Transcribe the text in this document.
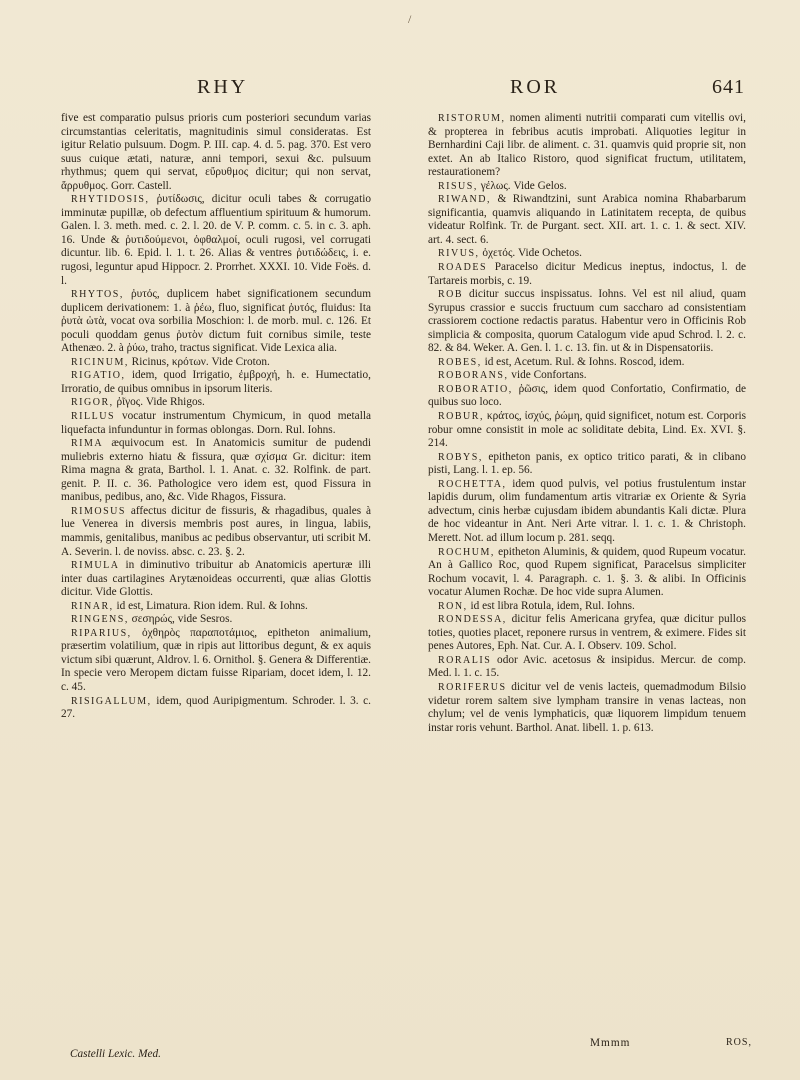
/
RHY	ROR	641

five est comparatio pulsus prioris cum posteriori secundum varias circumstantias celeritatis, magnitudinis simul consideratas. Est igitur Relatio pulsuum. Dogm. P. III. cap. 4. d. 5. pag. 370. Est vero suus cuique ætati, naturæ, anni tempori, sexui &c. pulsuum rhythmus; quem qui servat, εὔρυθμος dicitur; qui non servat, ἄρρυθμος. Gorr. Castell.

RHYTIDOSIS, ῥυτίδωσις, dicitur oculi tabes & corrugatio imminutæ pupillæ, ob defectum affluentium spirituum & humorum. Galen. l. 3. meth. med. c. 2. l. 20. de V. P. comm. c. 5. in c. 3. aph. 16. Unde & ῥυτιδούμενοι, ὀφθαλμοί, oculi rugosi, vel corrugati dicuntur. lib. 6. Epid. l. 1. t. 26. Alias & ventres ῥυτιδώδεις, i. e. rugosi, leguntur apud Hippocr. 2. Prorrhet. XXXI. 10. Vide Foës. d. l.

RHYTOS, ῥυτός, duplicem habet significationem secundum duplicem derivationem: 1. à ῥέω, fluo, significat ῥυτός, fluidus: Ita ῥυτὰ ὠτὰ, vocat ova sorbilia Moschion: l. de morb. mul. c. 126. Et poculi quoddam genus ῥυτὸν dictum fuit cornibus simile, teste Athenæo. 2. à ῥύω, traho, tractus significat. Vide Lexica alia.

RICINUM, Ricinus, κρότων. Vide Croton.

RIGATIO, idem, quod Irrigatio, ἐμβροχή, h. e. Humectatio, Irroratio, de quibus omnibus in ipsorum literis.

RIGOR, ῥῖγος. Vide Rhigos.

RILLUS vocatur instrumentum Chymicum, in quod metalla liquefacta infunduntur in formas oblongas. Dorn. Rul. Iohns.

RIMA æquivocum est. In Anatomicis sumitur de pudendi muliebris externo hiatu & fissura, quæ σχίσμα Gr. dicitur: item Rima magna & grata, Barthol. l. 1. Anat. c. 32. Rolfink. de part. genit. P. II. c. 36. Pathologice vero idem est, quod Fissura in manibus, pedibus, ano, &c. Vide Rhagos, Fissura.

RIMOSUS affectus dicitur de fissuris, & rhagadibus, quales à lue Venerea in diversis membris post aures, in lingua, labiis, mammis, genitalibus, manibus ac pedibus observantur, uti scribit M. A. Severin. l. de noviss. absc. c. 23. §. 2.

RIMULA in diminutivo tribuitur ab Anatomicis aperturæ illi inter duas cartilagines Arytænoideas occurrenti, quæ alias Glottis dicitur. Vide Glottis.

RINAR, id est, Limatura. Rion idem. Rul. & Iohns.

RINGENS, σεσηρώς, vide Sesros.

RIPARIUS, ὀχθηρὸς παραποτάμιος, epitheton animalium, præsertim volatilium, quæ in ripis aut littoribus degunt, & ex aquis victum sibi quærunt, Aldrov. l. 6. Ornithol. §. Genera & Differentiæ. In specie vero Meropem dictam fuisse Ripariam, docet idem, l. 12. c. 45.

RISIGALLUM, idem, quod Auripigmentum. Schroder. l. 3. c. 27.

RISTORUM, nomen alimenti nutritii comparati cum vitellis ovi, & propterea in febribus acutis improbati. Aliquoties legitur in Bernhardini Caji libr. de aliment. c. 31. quamvis quid proprie sit, non extet. An ab Italico Ristoro, quod significat fructum, utilitatem, restaurationem?

RISUS, γέλως. Vide Gelos.

RIWAND, & Riwandtzini, sunt Arabica nomina Rhabarbarum significantia, quamvis aliquando in Latinitatem recepta, de quibus videatur Rolfink. Tr. de Purgant. sect. XII. art. 1. c. 1. & sect. XIV. art. 4. sect. 6.

RIVUS, ὀχετός. Vide Ochetos.

ROADES Paracelso dicitur Medicus ineptus, indoctus, l. de Tartareis morbis, c. 19.

ROB dicitur succus inspissatus. Iohns. Vel est nil aliud, quam Syrupus crassior e succis fructuum cum saccharo ad consistentiam crassiorem coctione redactis paratus. Habentur vero in Officinis Rob simplicia & composita, quorum Catalogum vide apud Schrod. l. 2. c. 82. & 84. Weker. A. Gen. l. 1. c. 13. fin. ut & in Dispensatoriis.

ROBES, id est, Acetum. Rul. & Iohns. Roscod, idem.

ROBORANS, vide Confortans.

ROBORATIO, ῥῶσις, idem quod Confortatio, Confirmatio, de quibus suo loco.

ROBUR, κράτος, ἰσχύς, ῥώμη, quid significet, notum est. Corporis robur omne consistit in mole ac soliditate debita, Lind. Ex. XVI. §. 214.

ROBYS, epitheton panis, ex optico tritico parati, & in clibano pisti, Lang. l. 1. ep. 56.

ROCHETTA, idem quod pulvis, vel potius frustulentum instar lapidis durum, olim fundamentum artis vitrariæ ex Oriente & Syria advectum, cinis herbæ cujusdam ibidem abundantis Kali dictæ. Plura de hoc videantur in Ant. Neri Arte vitrar. l. 1. c. 1. & Christoph. Merett. Not. ad illum locum p. 281. seqq.

ROCHUM, epitheton Aluminis, & quidem, quod Rupeum vocatur. An à Gallico Roc, quod Rupem significat, Paracelsus simpliciter Rochum vocavit, l. 4. Paragraph. c. 1. §. 3. & alibi. In Officinis vocatur Alumen Rochæ. De hoc vide supra Alumen.

RON, id est libra Rotula, idem, Rul. Iohns.

RONDESSA, dicitur felis Americana gryfea, quæ dicitur pullos toties, quoties placet, reponere rursus in ventrem, & eximere. Fides sit penes Autores, Eph. Nat. Cur. A. I. Observ. 109. Schol.

RORALIS odor Avic. acetosus & insipidus. Mercur. de comp. Med. l. 1. c. 15.

RORIFERUS dicitur vel de venis lacteis, quemadmodum Bilsio videtur rorem saltem sive lympham transire in venas lacteas, non chylum; vel de venis lymphaticis, quæ liquorem limpidum tenuem instar roris vehunt. Barthol. Anat. libell. 1. p. 613.

Castelli Lexic. Med.
Mmmm	ROS,
